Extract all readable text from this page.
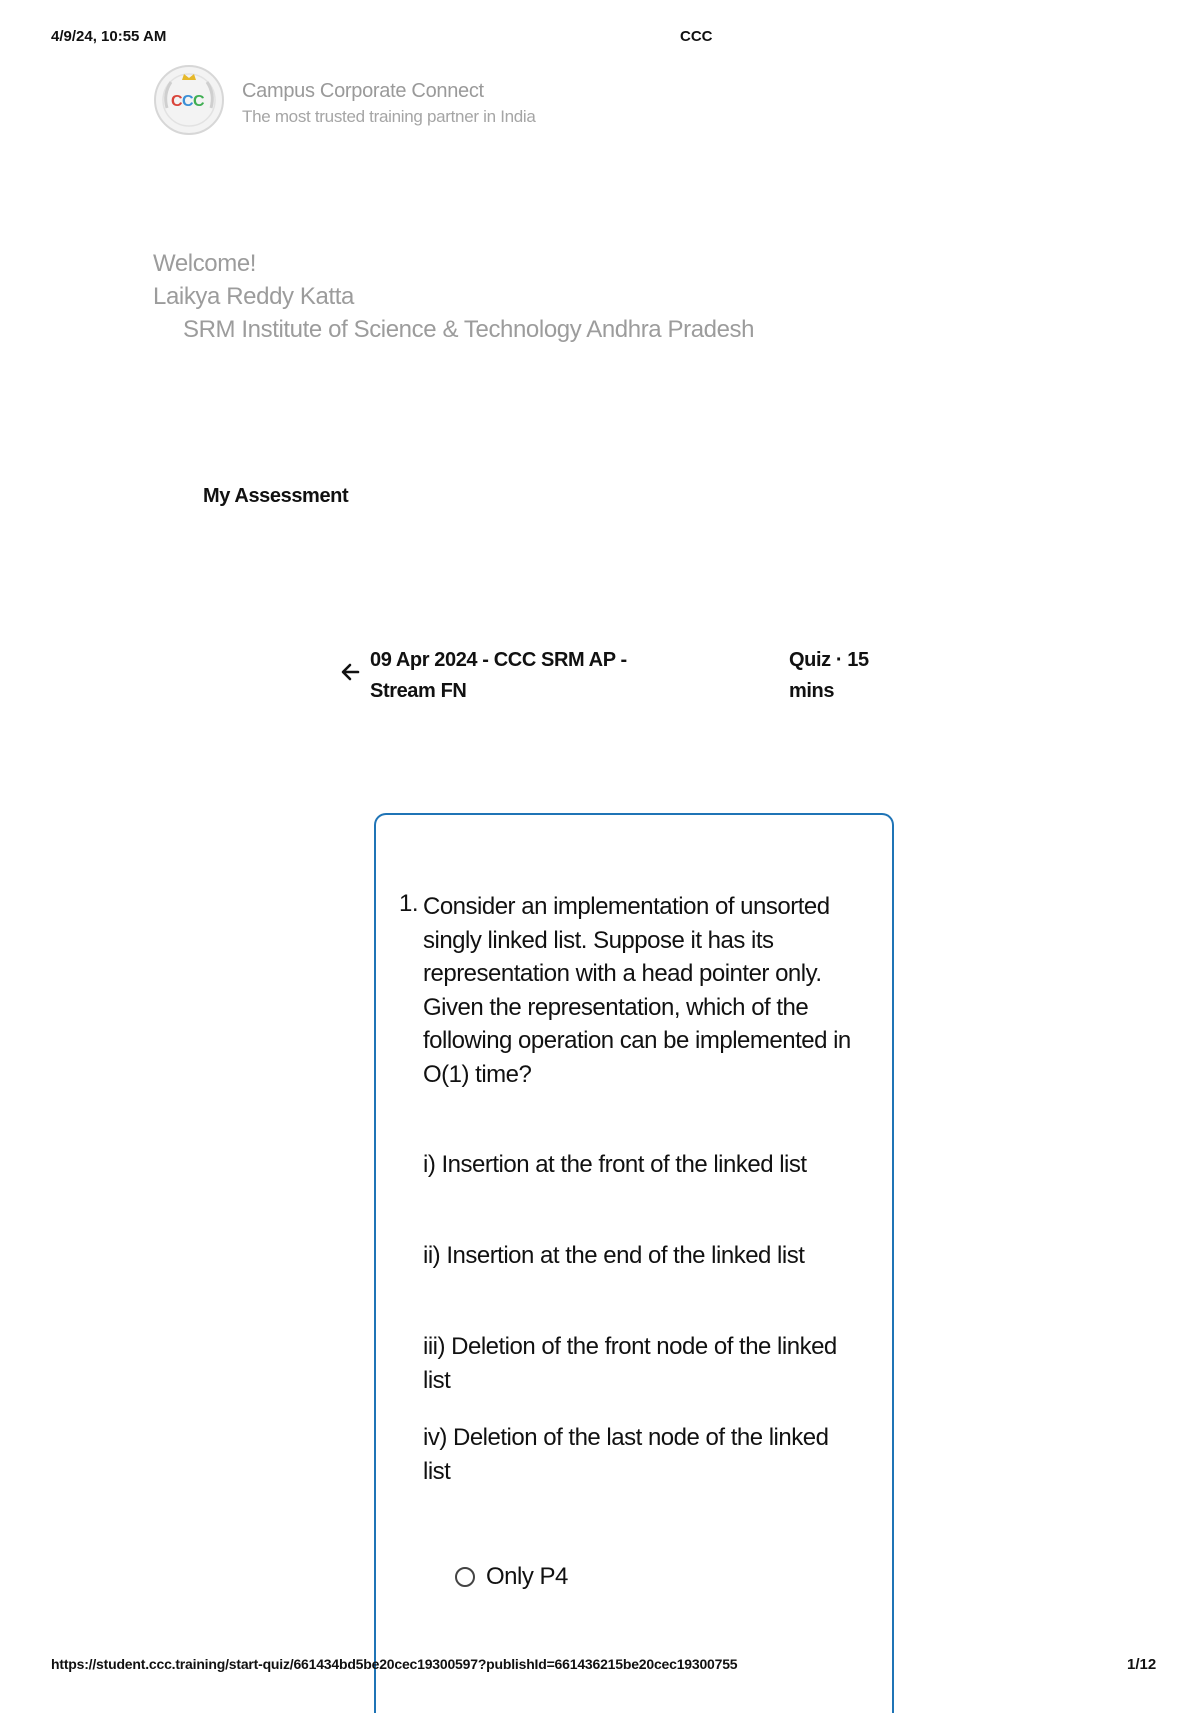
4/9/24, 10:55 AM	CCC
C C C Campus Corporate Connect
The most trusted training partner in India
Welcome!
Laikya Reddy Katta
SRM Institute of Science & Technology Andhra Pradesh
My Assessment
09 Apr 2024 - CCC SRM AP - Stream FN
Quiz · 15 mins
1. Consider an implementation of unsorted singly linked list. Suppose it has its representation with a head pointer only. Given the representation, which of the following operation can be implemented in O(1) time?
i) Insertion at the front of the linked list
ii) Insertion at the end of the linked list
iii) Deletion of the front node of the linked list
iv) Deletion of the last node of the linked list
Only P4
https://student.ccc.training/start-quiz/661434bd5be20cec19300597?publishId=661436215be20cec19300755	1/12
